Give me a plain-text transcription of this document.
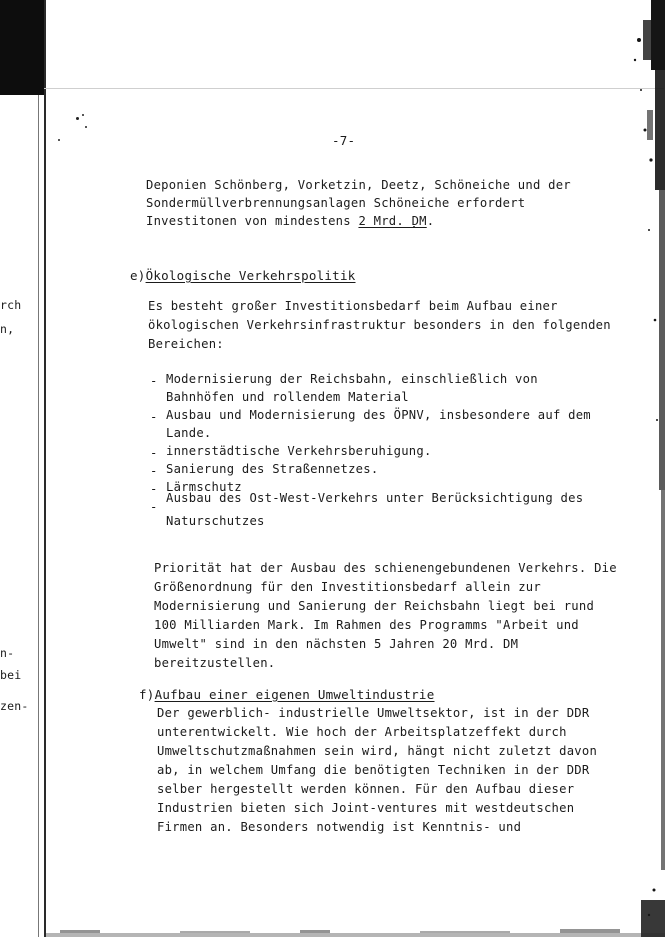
rch
n,
n-
bei
zen-
-7-
Deponien Schönberg, Vorketzin, Deetz, Schöneiche und der
Sondermüllverbrennungsanlagen Schöneiche erfordert
Investitonen von mindestens 2 Mrd. DM.
e)Ökologische Verkehrspolitik
Es besteht großer Investitionsbedarf beim Aufbau einer
ökologischen Verkehrsinfrastruktur besonders in den folgenden
Bereichen:
- Modernisierung der Reichsbahn, einschließlich von
Bahnhöfen und rollendem Material
- Ausbau und Modernisierung des ÖPNV, insbesondere auf dem
Lande.
- innerstädtische Verkehrsberuhigung.
- Sanierung des Straßennetzes.
- Lärmschutz
-
Ausbau des Ost-West-Verkehrs unter Berücksichtigung des
Naturschutzes
Priorität hat der Ausbau des schienengebundenen Verkehrs. Die
Größenordnung für den Investitionsbedarf allein zur
Modernisierung und Sanierung der Reichsbahn liegt bei rund
100 Milliarden Mark. Im Rahmen des Programms "Arbeit und
Umwelt" sind in den nächsten 5 Jahren 20 Mrd. DM
bereitzustellen.
f)Aufbau einer eigenen Umweltindustrie
Der gewerblich- industrielle Umweltsektor, ist in der DDR
unterentwickelt. Wie hoch der Arbeitsplatzeffekt durch
Umweltschutzmaßnahmen sein wird, hängt nicht zuletzt davon
ab, in welchem Umfang die benötigten Techniken in der DDR
selber hergestellt werden können. Für den Aufbau dieser
Industrien bieten sich Joint-ventures mit westdeutschen
Firmen an. Besonders notwendig ist Kenntnis- und
